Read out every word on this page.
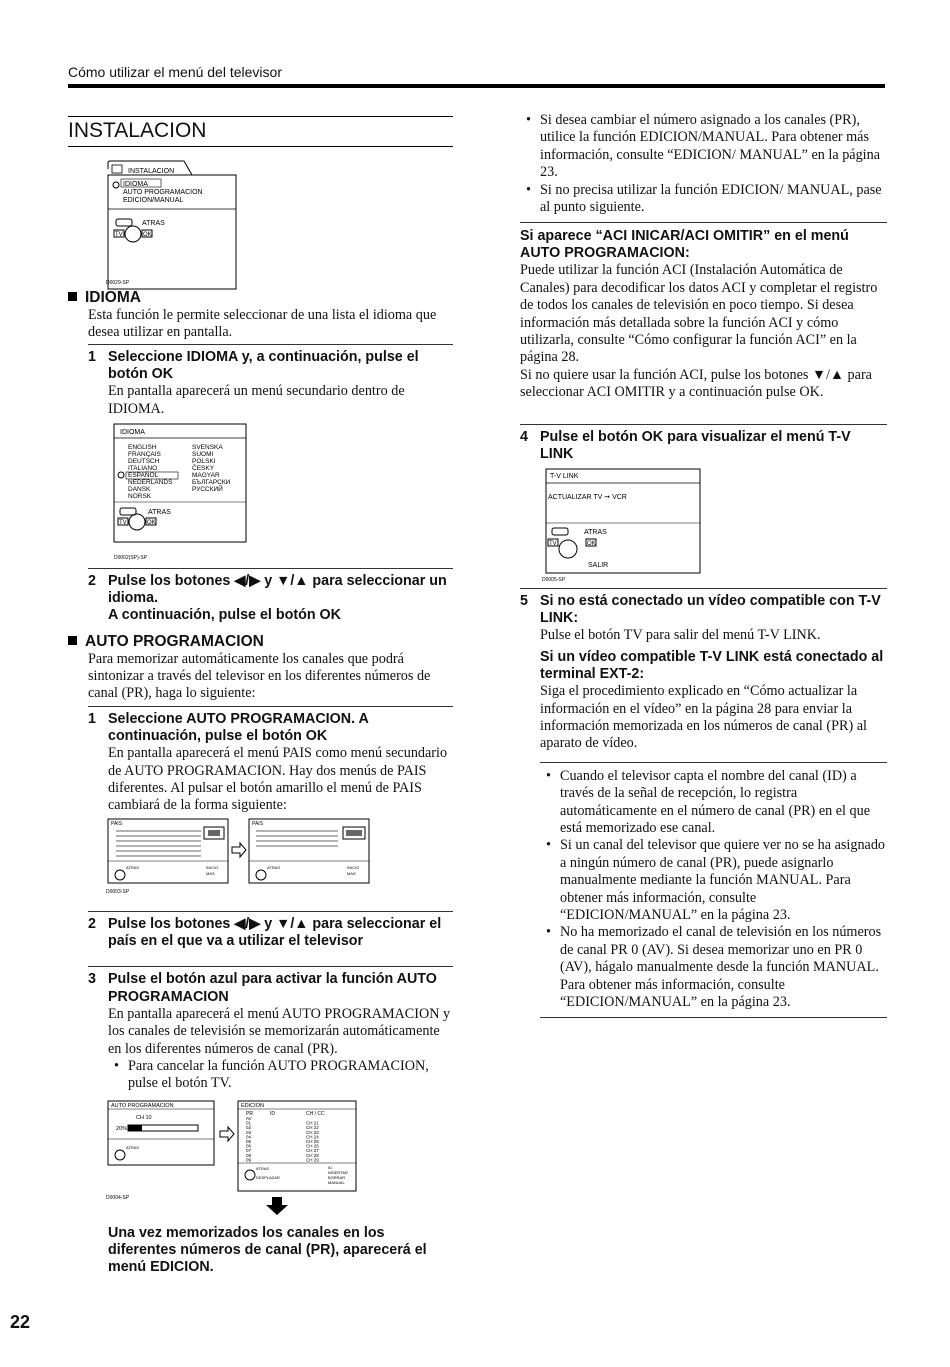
Cómo utilizar el menú del televisor
INSTALACION
INSTALACION
IDIOMA
AUTO PROGRAMACION
EDICION/MANUAL
ATRAS
TV	OK
D0029-SP
IDIOMA

Esta función le permite seleccionar de una lista el idioma que desea utilizar en pantalla.

1 Seleccione IDIOMA y, a continuación, pulse el botón OK

En pantalla aparecerá un menú secundario dentro de IDIOMA.

IDIOMA
ENGLISH
FRANÇAIS
DEUTSCH
ITALIANO
ESPAÑOL
NEDERLANDS
DANSK
NORSK
SVENSKA
SUOMI
POLSKI
ČESKY
MAGYAR
БЪЛГАРСКИ
РУССКИЙ
ATRAS
TV	OK
D0002(SP)-SP
2 Pulse los botones ◀/▶ y ▼/▲ para seleccionar un idioma.
A continuación, pulse el botón OK
AUTO PROGRAMACION

Para memorizar automáticamente los canales que podrá sintonizar a través del televisor en los diferentes números de canal (PR), haga lo siguiente:

1 Seleccione AUTO PROGRAMACION. A continuación, pulse el botón OK

En pantalla aparecerá el menú PAIS como menú secundario de AUTO PROGRAMACION. Hay dos menús de PAIS diferentes. Al pulsar el botón amarillo el menú de PAIS cambiará de la forma siguiente:

PAIS
ATRAS	INICIO
MAS
PAIS
ATRAS	INICIO
MAS
D0003-SP
2 Pulse los botones ◀/▶ y ▼/▲ para seleccionar el país en el que va a utilizar el televisor
3 Pulse el botón azul para activar la función AUTO PROGRAMACION

En pantalla aparecerá el menú AUTO PROGRAMACION y los canales de televisión se memorizarán automáticamente en los diferentes números de canal (PR).

• Para cancelar la función AUTO PROGRAMACION, pulse el botón TV.
AUTO PROGRAMACION
CH 10
20%
ATRAS
EDICION
PR	ID	CH / CC
AV
01	CH 21
02	CH 22
03	CH 23
04	CH 24
05	CH 25
06	CH 26
07	CH 27
08	CH 28
09	CH 29
ATRAS
DESPLAZAR
ID
INSERTAR
BORRAR
MANUAL
D0004-SP

Una vez memorizados los canales en los diferentes números de canal (PR), aparecerá el menú EDICION.

• Si desea cambiar el número asignado a los canales (PR), utilice la función EDICION/MANUAL. Para obtener más información, consulte “EDICION/ MANUAL” en la página 23.
• Si no precisa utilizar la función EDICION/ MANUAL, pase al punto siguiente.
Si aparece “ACI INICAR/ACI OMITIR” en el menú AUTO PROGRAMACION:

Puede utilizar la función ACI (Instalación Automática de Canales) para decodificar los datos ACI y completar el registro de todos los canales de televisión en poco tiempo. Si desea información más detallada sobre la función ACI y cómo utilizarla, consulte “Cómo configurar la función ACI” en la página 28.

Si no quiere usar la función ACI, pulse los botones ▼/▲ para seleccionar ACI OMITIR y a continuación pulse OK.

4 Pulse el botón OK para visualizar el menú T-V LINK
T-V LINK
ACTUALIZAR TV ➞ VCR
ATRAS
TV	OK
SALIR
D0005-SP
5 Si no está conectado un vídeo compatible con T-V LINK:

Pulse el botón TV para salir del menú T-V LINK.

Si un vídeo compatible T-V LINK está conectado al terminal EXT-2:

Siga el procedimiento explicado en “Cómo actualizar la información en el vídeo” en la página 28 para enviar la información memorizada en los números de canal (PR) al aparato de vídeo.

• Cuando el televisor capta el nombre del canal (ID) a través de la señal de recepción, lo registra automáticamente en el número de canal (PR) en el que está memorizado ese canal.
• Si un canal del televisor que quiere ver no se ha asignado a ningún número de canal (PR), puede asignarlo manualmente mediante la función MANUAL. Para obtener más información, consulte “EDICION/MANUAL” en la página 23.
• No ha memorizado el canal de televisión en los números de canal PR 0 (AV). Si desea memorizar uno en PR 0 (AV), hágalo manualmente desde la función MANUAL. Para obtener más información, consulte “EDICION/MANUAL” en la página 23.
22
